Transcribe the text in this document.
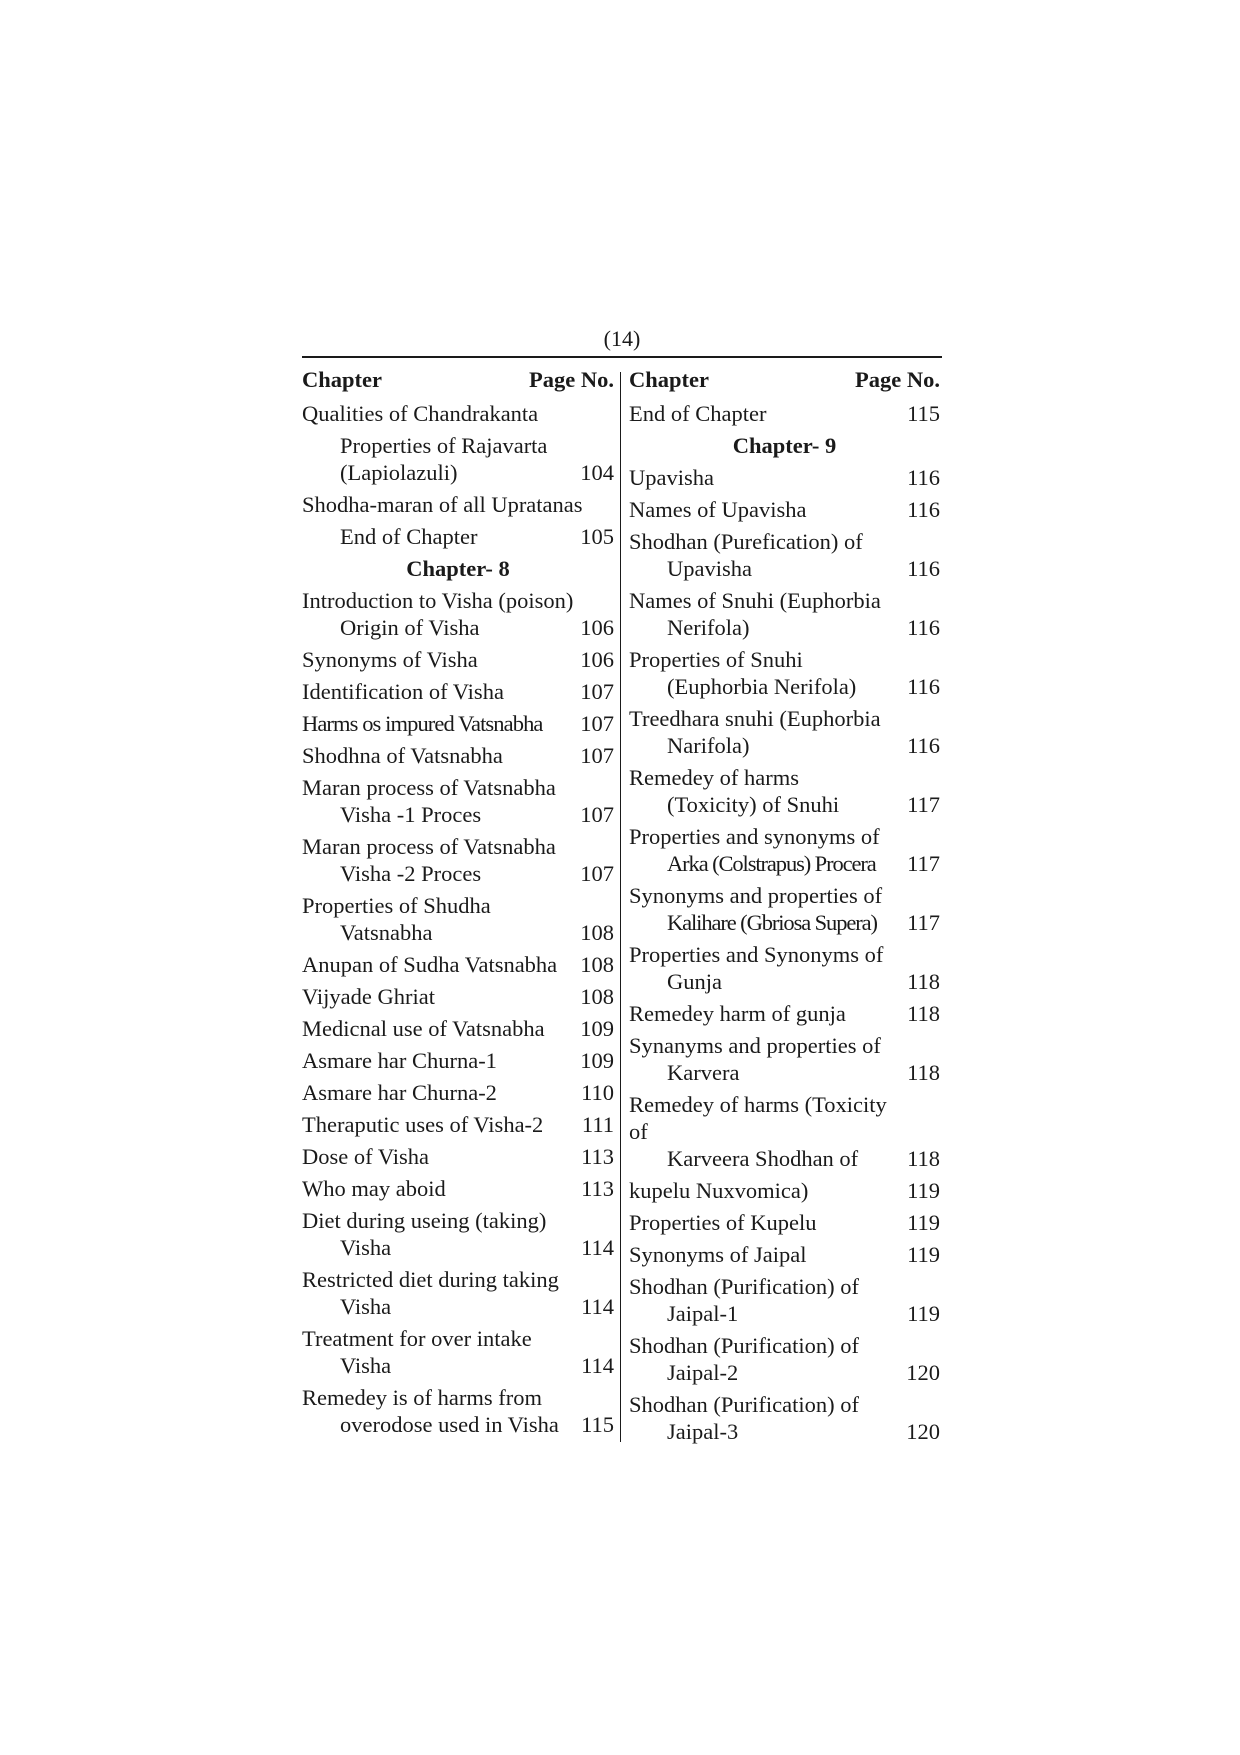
(14)
Chapter	Page No.
Qualities of Chandrakanta
Properties of Rajavarta
(Lapiolazuli)	104
Shodha-maran of all Upratanas
End of Chapter	105
Chapter- 8
Introduction to Visha (poison)
Origin of Visha	106
Synonyms of Visha	106
Identification of Visha	107
Harms os impured Vatsnabha	107
Shodhna of Vatsnabha	107
Maran process of Vatsnabha
Visha -1 Proces	107
Maran process of Vatsnabha
Visha -2 Proces	107
Properties of Shudha
Vatsnabha	108
Anupan of Sudha Vatsnabha	108
Vijyade Ghriat	108
Medicnal use of Vatsnabha	109
Asmare har Churna-1	109
Asmare har Churna-2	110
Theraputic uses of Visha-2	111
Dose of Visha	113
Who may aboid	113
Diet during useing (taking)
Visha	114
Restricted diet during taking
Visha	114
Treatment for over intake
Visha	114
Remedey is of harms from
overodose used in Visha 115
Chapter	Page No.
End of Chapter	115
Chapter- 9
Upavisha	116
Names of Upavisha	116
Shodhan (Purefication) of
Upavisha	116
Names of Snuhi (Euphorbia
Nerifola)	116
Properties of Snuhi
(Euphorbia Nerifola)	116
Treedhara snuhi (Euphorbia
Narifola)	116
Remedey of harms
(Toxicity) of Snuhi	117
Properties and synonyms of
Arka (Colstrapus) Procera	117
Synonyms and properties of
Kalihare (Gbriosa Supera)	117
Properties and Synonyms of
Gunja	118
Remedey harm of gunja	118
Synanyms and properties of
Karvera	118
Remedey of harms (Toxicity of
Karveera Shodhan of	118
kupelu Nuxvomica)	119
Properties of Kupelu	119
Synonyms of Jaipal	119
Shodhan (Purification) of
Jaipal-1	119
Shodhan (Purification) of
Jaipal-2	120
Shodhan (Purification) of
Jaipal-3	120
